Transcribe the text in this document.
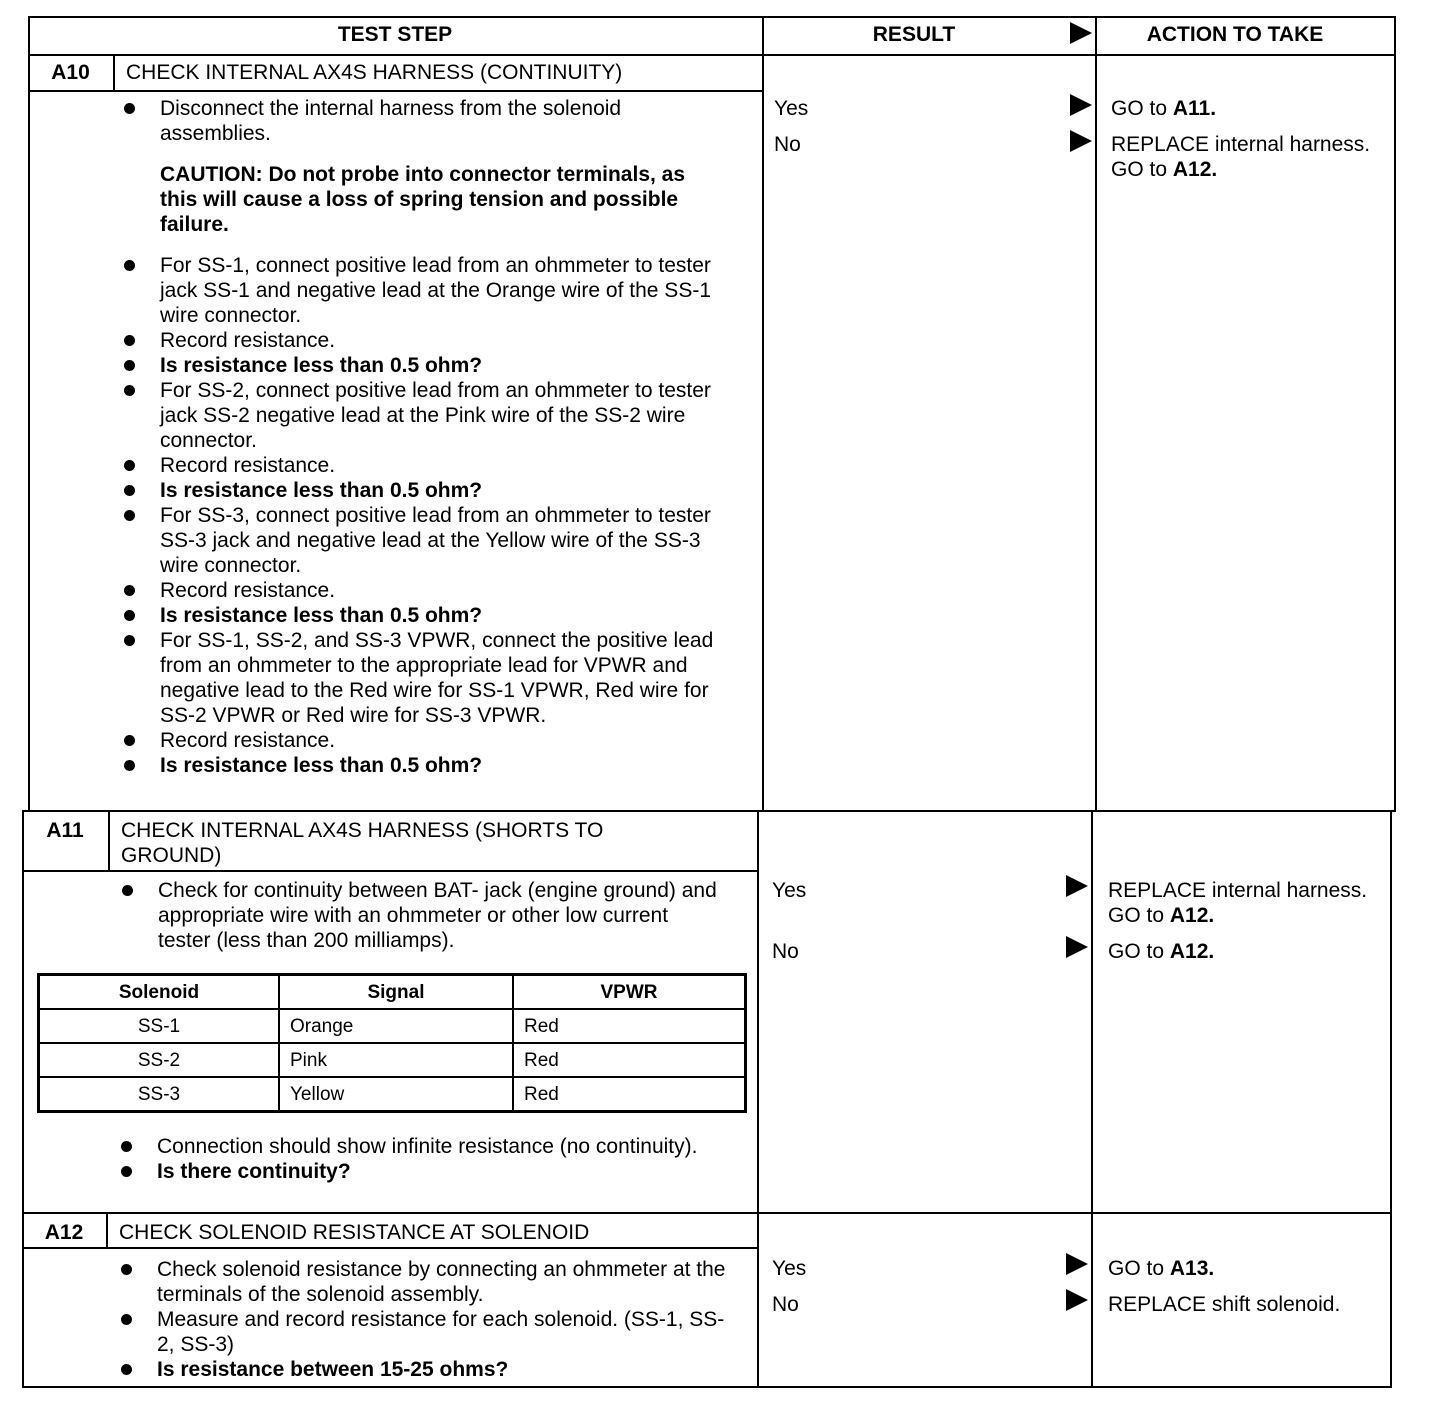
TEST STEP	RESULT	ACTION TO TAKE
A10	CHECK INTERNAL AX4S HARNESS (CONTINUITY)
Disconnect the internal harness from the solenoid assemblies.
CAUTION: Do not probe into connector terminals, as this will cause a loss of spring tension and possible failure.
For SS-1, connect positive lead from an ohmmeter to tester jack SS-1 and negative lead at the Orange wire of the SS-1 wire connector.
Record resistance.
Is resistance less than 0.5 ohm?
For SS-2, connect positive lead from an ohmmeter to tester jack SS-2 negative lead at the Pink wire of the SS-2 wire connector.
Record resistance.
Is resistance less than 0.5 ohm?
For SS-3, connect positive lead from an ohmmeter to tester SS-3 jack and negative lead at the Yellow wire of the SS-3 wire connector.
Record resistance.
Is resistance less than 0.5 ohm?
For SS-1, SS-2, and SS-3 VPWR, connect the positive lead from an ohmmeter to the appropriate lead for VPWR and negative lead to the Red wire for SS-1 VPWR, Red wire for SS-2 VPWR or Red wire for SS-3 VPWR.
Record resistance.
Is resistance less than 0.5 ohm?
Yes	GO to A11.
No	REPLACE internal harness. GO to A12.
A11	CHECK INTERNAL AX4S HARNESS (SHORTS TO GROUND)
Check for continuity between BAT- jack (engine ground) and appropriate wire with an ohmmeter or other low current tester (less than 200 milliamps).
Solenoid	Signal	VPWR
SS-1	Orange	Red
SS-2	Pink	Red
SS-3	Yellow	Red
Connection should show infinite resistance (no continuity).
Is there continuity?
Yes	REPLACE internal harness. GO to A12.
No	GO to A12.
A12	CHECK SOLENOID RESISTANCE AT SOLENOID
Check solenoid resistance by connecting an ohmmeter at the terminals of the solenoid assembly.
Measure and record resistance for each solenoid. (SS-1, SS-2, SS-3)
Is resistance between 15-25 ohms?
Yes	GO to A13.
No	REPLACE shift solenoid.
